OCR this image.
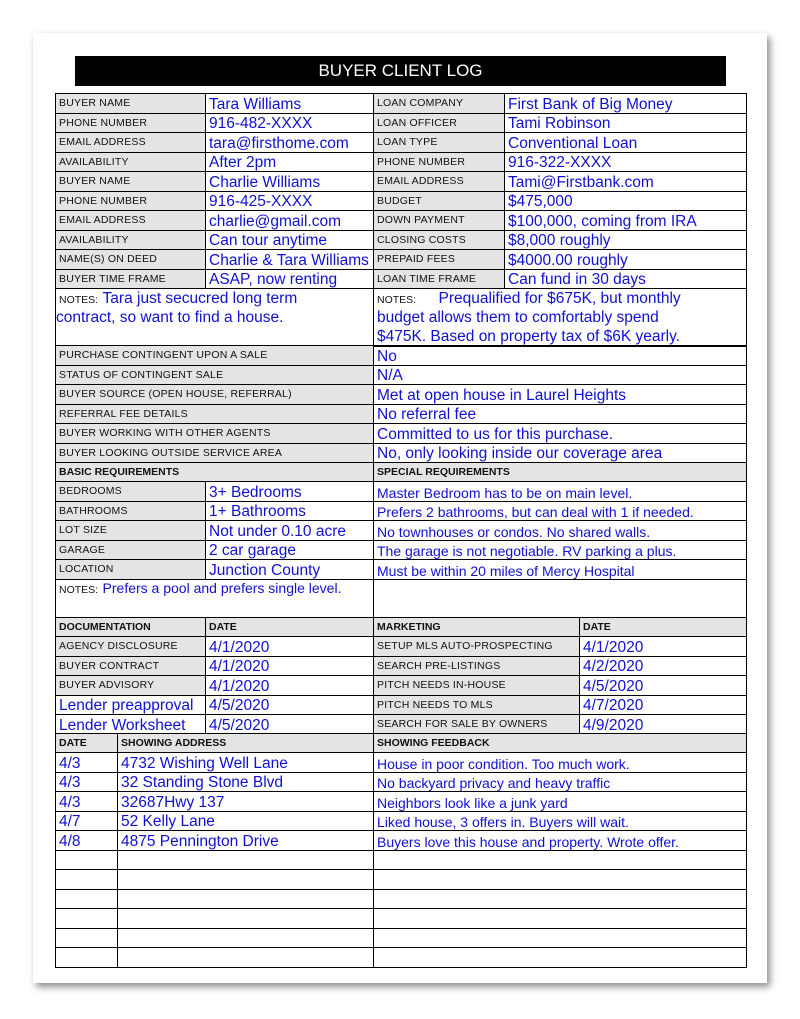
BUYER CLIENT LOG
BUYER NAME	Tara Williams	LOAN COMPANY	First Bank of Big Money
PHONE NUMBER	916-482-XXXX	LOAN OFFICER	Tami Robinson
EMAIL ADDRESS	tara@firsthome.com	LOAN TYPE	Conventional Loan
AVAILABILITY	After 2pm	PHONE NUMBER	916-322-XXXX
BUYER NAME	Charlie Williams	EMAIL ADDRESS	Tami@Firstbank.com
PHONE NUMBER	916-425-XXXX	BUDGET	$475,000
EMAIL ADDRESS	charlie@gmail.com	DOWN PAYMENT	$100,000, coming from IRA
AVAILABILITY	Can tour anytime	CLOSING COSTS	$8,000 roughly
NAME(S) ON DEED	Charlie & Tara Williams	PREPAID FEES	$4000.00 roughly
BUYER TIME FRAME	ASAP, now renting	LOAN TIME FRAME	Can fund in 30 days
NOTES: Tara just secucred long term	NOTES: Prequalified for $675K, but monthly
contract, so want to find a house.	budget allows them to comfortably spend
	$475K. Based on property tax of $6K yearly.
PURCHASE CONTINGENT UPON A SALE	No
STATUS OF CONTINGENT SALE	N/A
BUYER SOURCE (OPEN HOUSE, REFERRAL)	Met at open house in Laurel Heights
REFERRAL FEE DETAILS	No referral fee
BUYER WORKING WITH OTHER AGENTS	Committed to us for this purchase.
BUYER LOOKING OUTSIDE SERVICE AREA	No, only looking inside our coverage area
BASIC REQUIREMENTS		SPECIAL REQUIREMENTS
BEDROOMS	3+ Bedrooms	Master Bedroom has to be on main level.
BATHROOMS	1+ Bathrooms	Prefers 2 bathrooms, but can deal with 1 if needed.
LOT SIZE	Not under 0.10 acre	No townhouses or condos. No shared walls.
GARAGE	2 car garage	The garage is not negotiable. RV parking a plus.
LOCATION	Junction County	Must be within 20 miles of Mercy Hospital
NOTES: Prefers a pool and prefers single level.		

DOCUMENTATION	DATE	MARKETING	DATE
AGENCY DISCLOSURE	4/1/2020	SETUP MLS AUTO-PROSPECTING	4/1/2020
BUYER CONTRACT	4/1/2020	SEARCH PRE-LISTINGS	4/2/2020
BUYER ADVISORY	4/1/2020	PITCH NEEDS IN-HOUSE	4/5/2020
Lender preapproval	4/5/2020	PITCH NEEDS TO MLS	4/7/2020
Lender Worksheet	4/5/2020	SEARCH FOR SALE BY OWNERS	4/9/2020
DATE	SHOWING ADDRESS	SHOWING FEEDBACK
4/3	4732 Wishing Well Lane	House in poor condition. Too much work.
4/3	32 Standing Stone Blvd	No backyard privacy and heavy traffic
4/3	32687Hwy 137	Neighbors look like a junk yard
4/7	52 Kelly Lane	Liked house, 3 offers in. Buyers will wait.
4/8	4875 Pennington Drive	Buyers love this house and property. Wrote offer.
